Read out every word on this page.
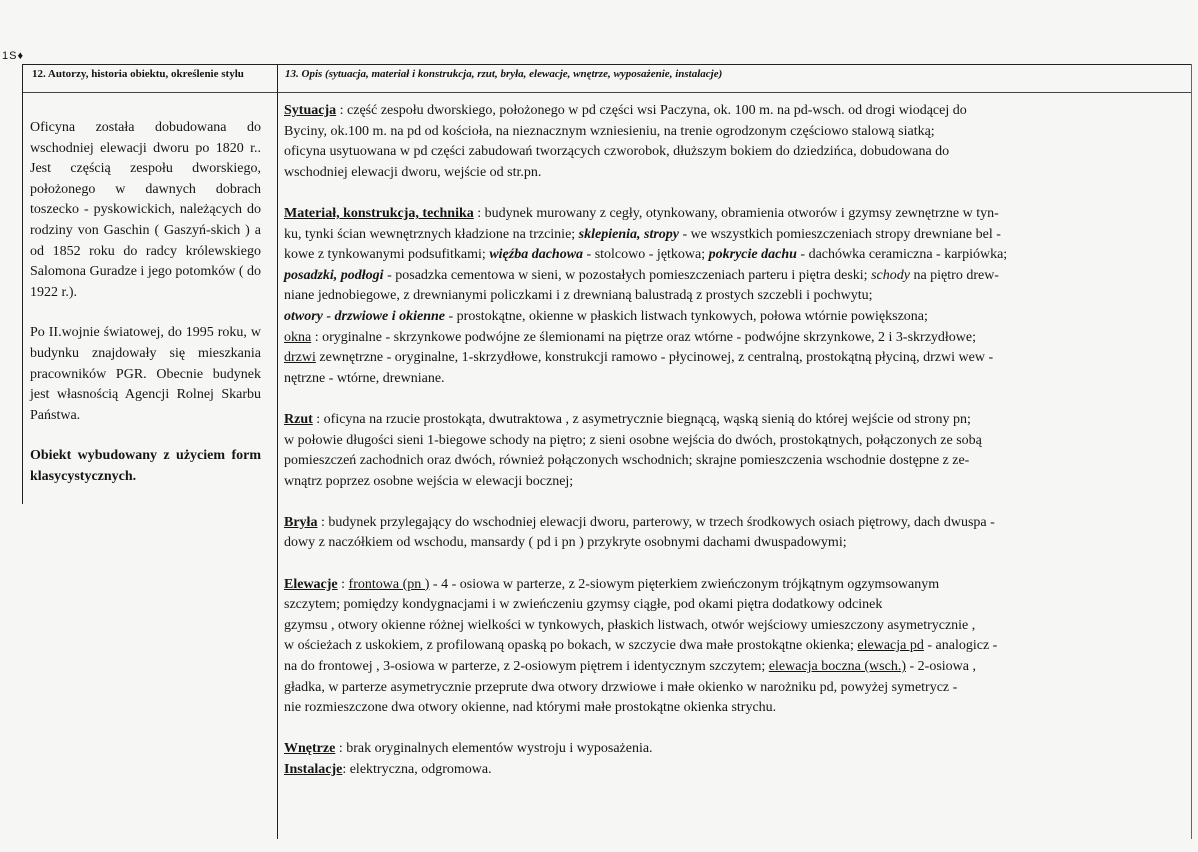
1S♦
12. Autorzy, historia obiektu, określenie stylu	13. Opis (sytuacja, materiał i konstrukcja, rzut, bryła, elewacje, wnętrze, wyposażenie, instalacje)

Oficyna została dobudowana do wschodniej elewacji dworu po 1820 r.. Jest częścią zespołu dworskiego, położonego w dawnych dobrach toszecko - pyskowickich, należących do rodziny von Gaschin ( Gaszyń-skich ) a od 1852 roku do radcy królewskiego Salomona Guradze i jego potomków ( do 1922 r.).

Po II.wojnie światowej, do 1995 roku, w budynku znajdowały się mieszkania pracowników PGR. Obecnie budynek jest własnością Agencji Rolnej Skarbu Państwa.

Obiekt wybudowany z użyciem form klasycystycznych.

Sytuacja : część zespołu dworskiego, położonego w pd części wsi Paczyna, ok. 100 m. na pd-wsch. od drogi wiodącej do
Byciny, ok.100 m. na pd od kościoła, na nieznacznym wzniesieniu, na trenie ogrodzonym częściowo stalową siatką;
oficyna usytuowana w pd części zabudowań tworzących czworobok, dłuższym bokiem do dziedzińca, dobudowana do
wschodniej elewacji dworu, wejście od str.pn.

Materiał, konstrukcja, technika : budynek murowany z cegły, otynkowany, obramienia otworów i gzymsy zewnętrzne w tyn-
ku, tynki ścian wewnętrznych kładzione na trzcinie; sklepienia, stropy - we wszystkich pomieszczeniach stropy drewniane bel -
kowe z tynkowanymi podsufitkami; więźba dachowa - stolcowo - jętkowa; pokrycie dachu - dachówka ceramiczna - karpiówka;
posadzki, podłogi - posadzka cementowa w sieni, w pozostałych pomieszczeniach parteru i piętra deski; schody na piętro drew-
niane jednobiegowe, z drewnianymi policzkami i z drewnianą balustradą z prostych szczebli i pochwytu;
otwory - drzwiowe i okienne - prostokątne, okienne w płaskich listwach tynkowych, połowa wtórnie powiększona;
okna : oryginalne - skrzynkowe podwójne ze ślemionami na piętrze oraz wtórne - podwójne skrzynkowe, 2 i 3-skrzydłowe;
drzwi zewnętrzne - oryginalne, 1-skrzydłowe, konstrukcji ramowo - płycinowej, z centralną, prostokątną płyciną, drzwi wew -
nętrzne - wtórne, drewniane.

Rzut : oficyna na rzucie prostokąta, dwutraktowa , z asymetrycznie biegnącą, wąską sienią do której wejście od strony pn;
w połowie długości sieni 1-biegowe schody na piętro; z sieni osobne wejścia do dwóch, prostokątnych, połączonych ze sobą
pomieszczeń zachodnich oraz dwóch, również połączonych wschodnich; skrajne pomieszczenia wschodnie dostępne z ze-
wnątrz poprzez osobne wejścia w elewacji bocznej;

Bryła : budynek przylegający do wschodniej elewacji dworu, parterowy, w trzech środkowych osiach piętrowy, dach dwuspa -
dowy z naczółkiem od wschodu, mansardy ( pd i pn ) przykryte osobnymi dachami dwuspadowymi;

Elewacje : frontowa (pn ) - 4 - osiowa w parterze, z 2-siowym pięterkiem zwieńczonym trójkątnym ogzymsowanym
szczytem; pomiędzy kondygnacjami i w zwieńczeniu gzymsy ciągłe, pod okami piętra dodatkowy odcinek
gzymsu , otwory okienne różnej wielkości w tynkowych, płaskich listwach, otwór wejściowy umieszczony asymetrycznie ,
w ościeżach z uskokiem, z profilowaną opaską po bokach, w szczycie dwa małe prostokątne okienka; elewacja pd - analogicz -
na do frontowej , 3-osiowa w parterze, z 2-osiowym piętrem i identycznym szczytem; elewacja boczna (wsch.) - 2-osiowa ,
gładka, w parterze asymetrycznie przeprute dwa otwory drzwiowe i małe okienko w narożniku pd, powyżej symetrycz -
nie rozmieszczone dwa otwory okienne, nad którymi małe prostokątne okienka strychu.

Wnętrze : brak oryginalnych elementów wystroju i wyposażenia.
Instalacje: elektryczna, odgromowa.
